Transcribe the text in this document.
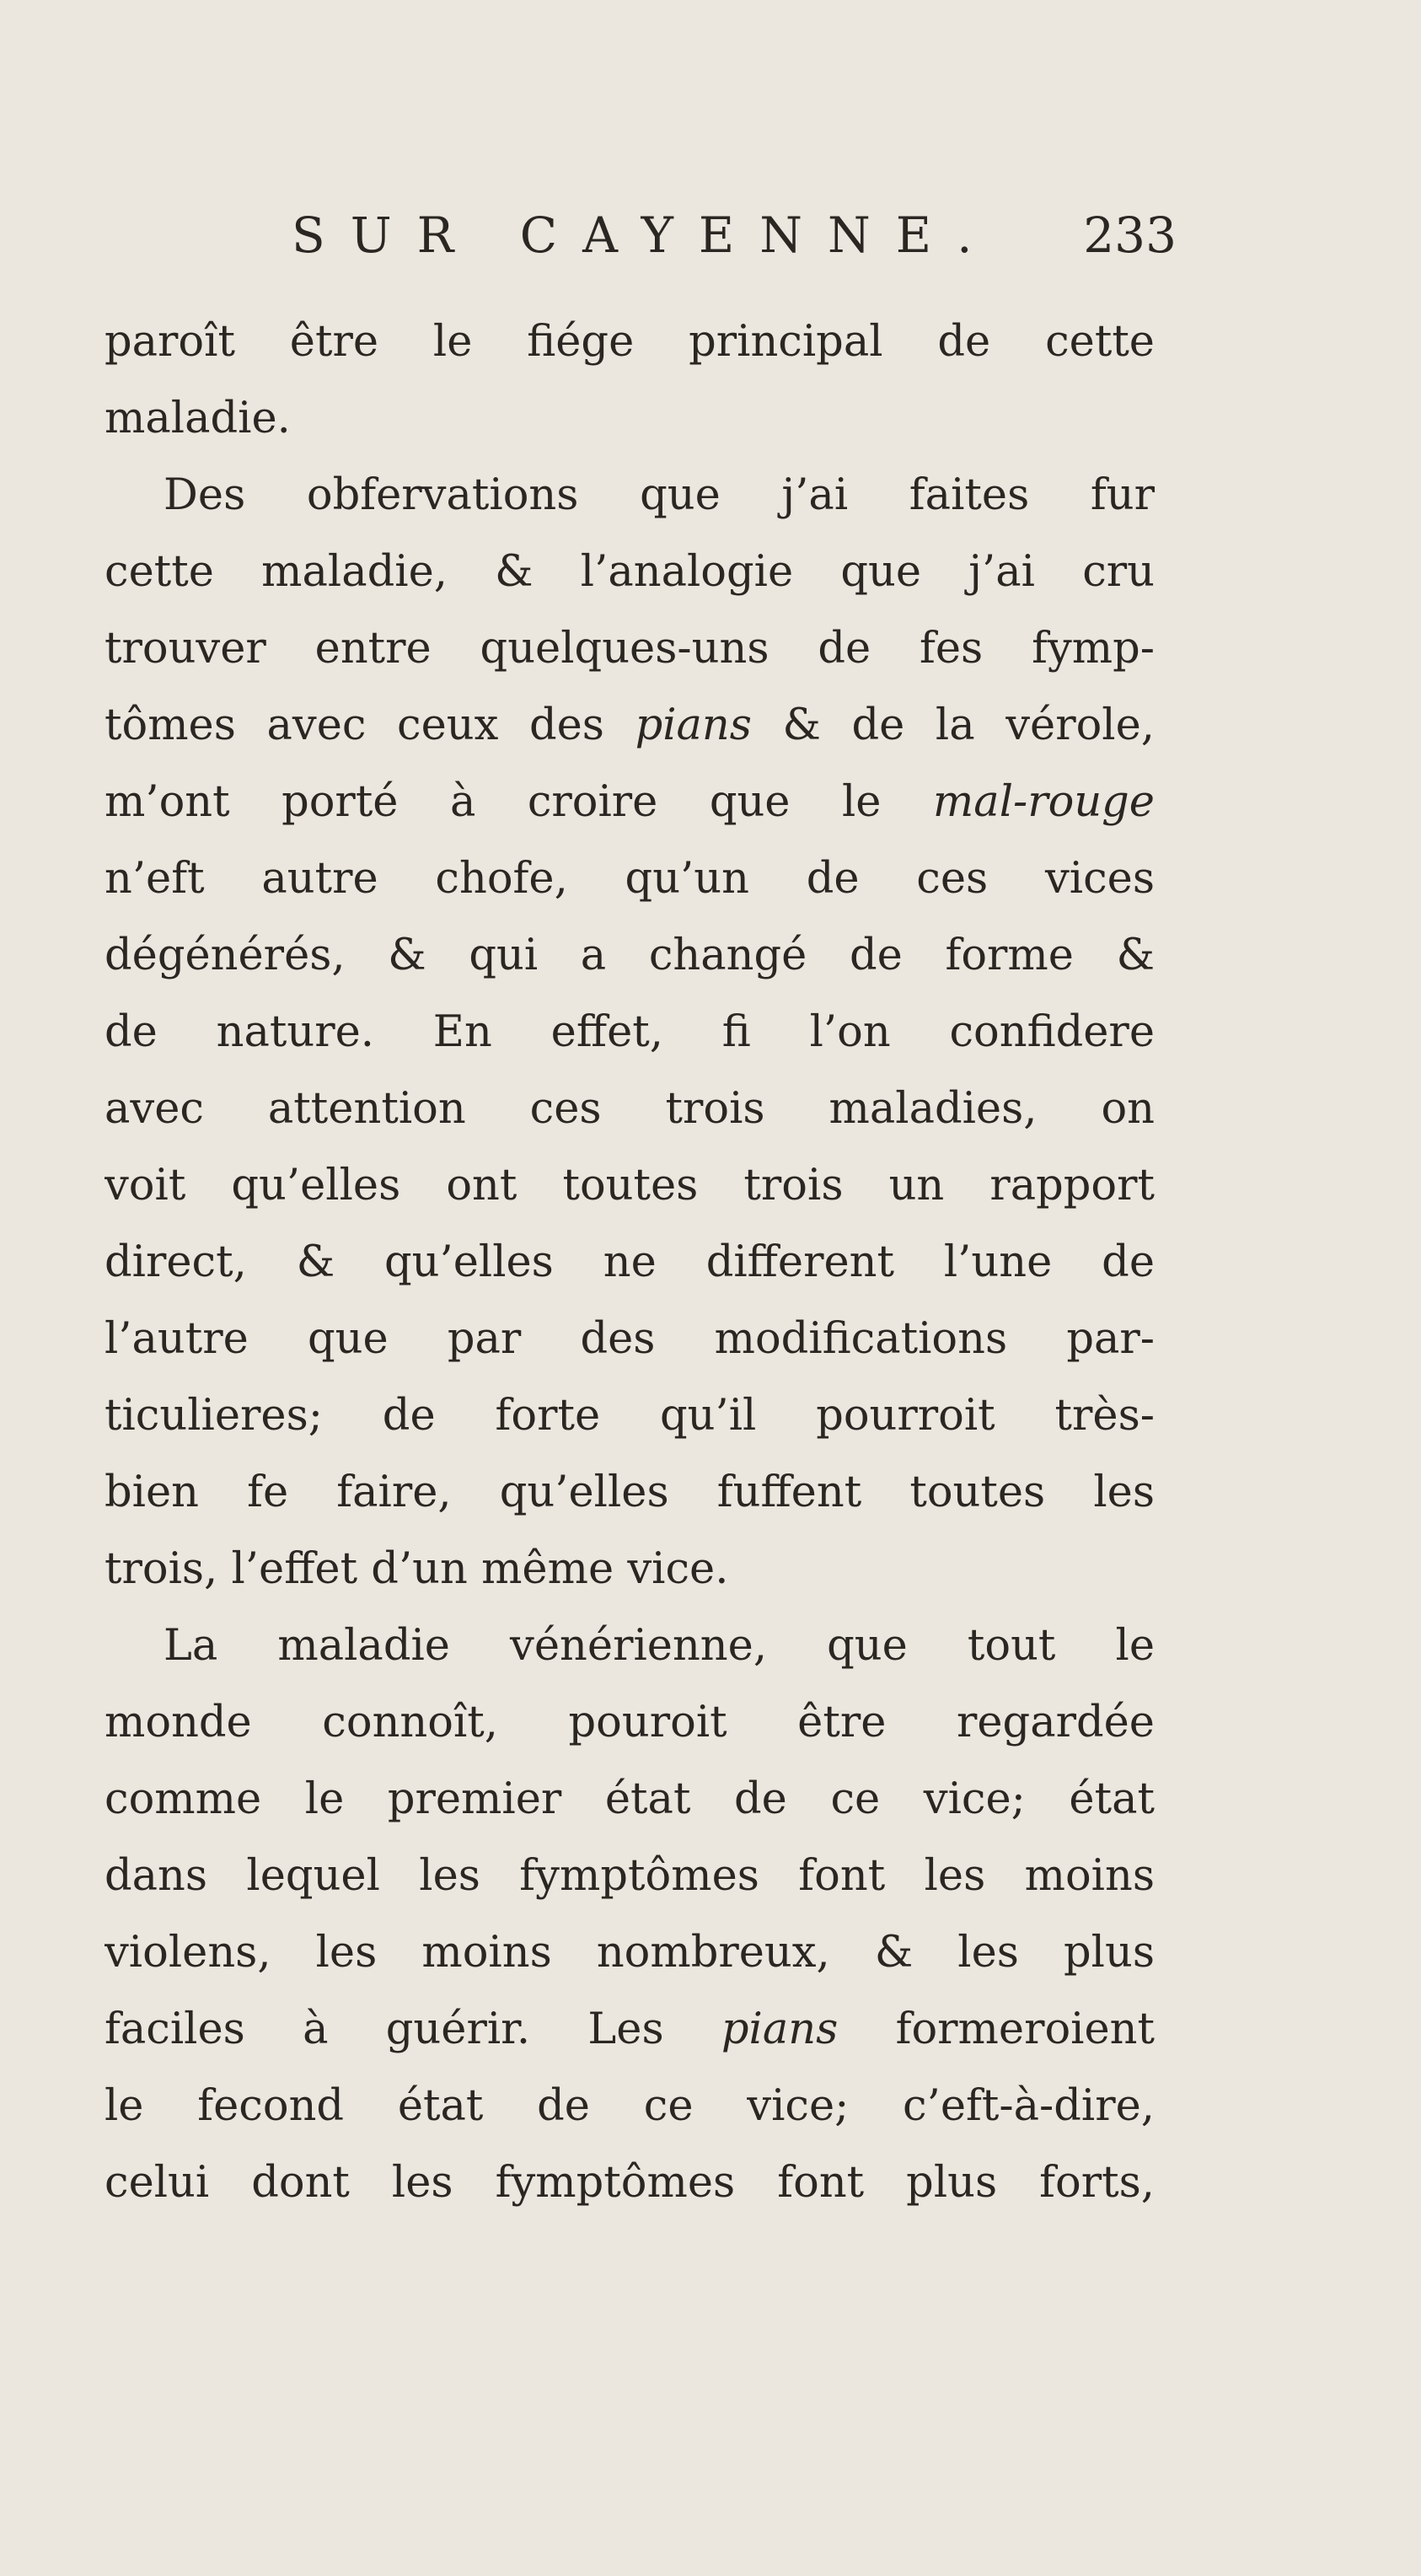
SUR CAYENNE. 233
paroît être le fiége principal de cette
maladie.
Des obfervations que j’ai faites fur
cette maladie, & l’analogie que j’ai cru
trouver entre quelques-uns de fes fymp-
tômes avec ceux des pians & de la vérole,
m’ont porté à croire que le mal-rouge
n’eft autre chofe, qu’un de ces vices
dégénérés, & qui a changé de forme &
de nature. En effet, fi l’on confidere
avec attention ces trois maladies, on
voit qu’elles ont toutes trois un rapport
direct, & qu’elles ne different l’une de
l’autre que par des modifications par-
ticulieres; de forte qu’il pourroit très-
bien fe faire, qu’elles fuffent toutes les
trois, l’effet d’un même vice.
La maladie vénérienne, que tout le
monde connoît, pouroit être regardée
comme le premier état de ce vice; état
dans lequel les fymptômes font les moins
violens, les moins nombreux, & les plus
faciles à guérir. Les pians formeroient
le fecond état de ce vice; c’eft-à-dire,
celui dont les fymptômes font plus forts,
